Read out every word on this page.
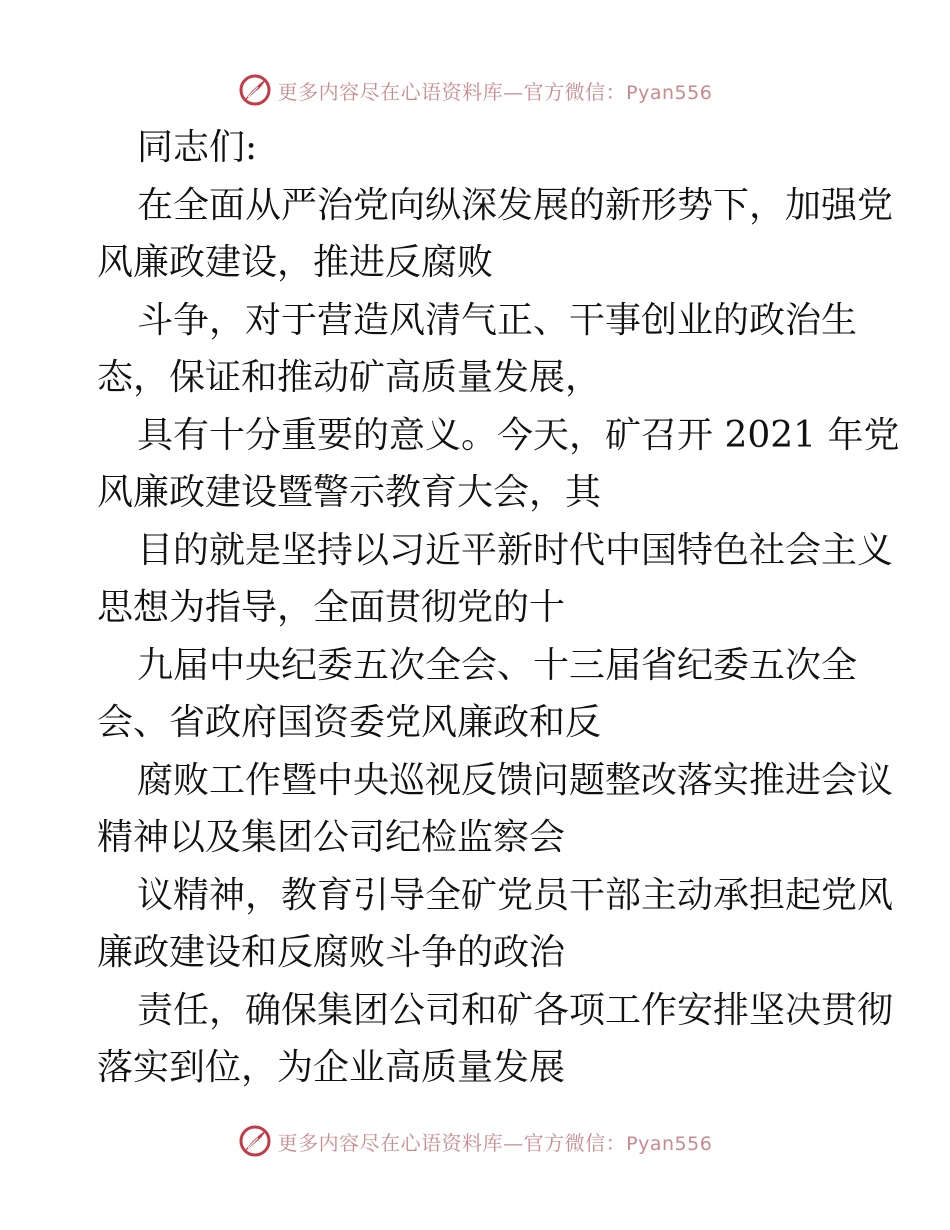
更多内容尽在心语资料库—官方微信：Pyan556
同志们:
在全面从严治党向纵深发展的新形势下，加强党
风廉政建设，推进反腐败
斗争，对于营造风清气正、干事创业的政治生
态，保证和推动矿高质量发展，
具有十分重要的意义。今天，矿召开 2021 年党
风廉政建设暨警示教育大会，其
目的就是坚持以习近平新时代中国特色社会主义
思想为指导，全面贯彻党的十
九届中央纪委五次全会、十三届省纪委五次全
会、省政府国资委党风廉政和反
腐败工作暨中央巡视反馈问题整改落实推进会议
精神以及集团公司纪检监察会
议精神，教育引导全矿党员干部主动承担起党风
廉政建设和反腐败斗争的政治
责任，确保集团公司和矿各项工作安排坚决贯彻
落实到位，为企业高质量发展
更多内容尽在心语资料库—官方微信：Pyan556
